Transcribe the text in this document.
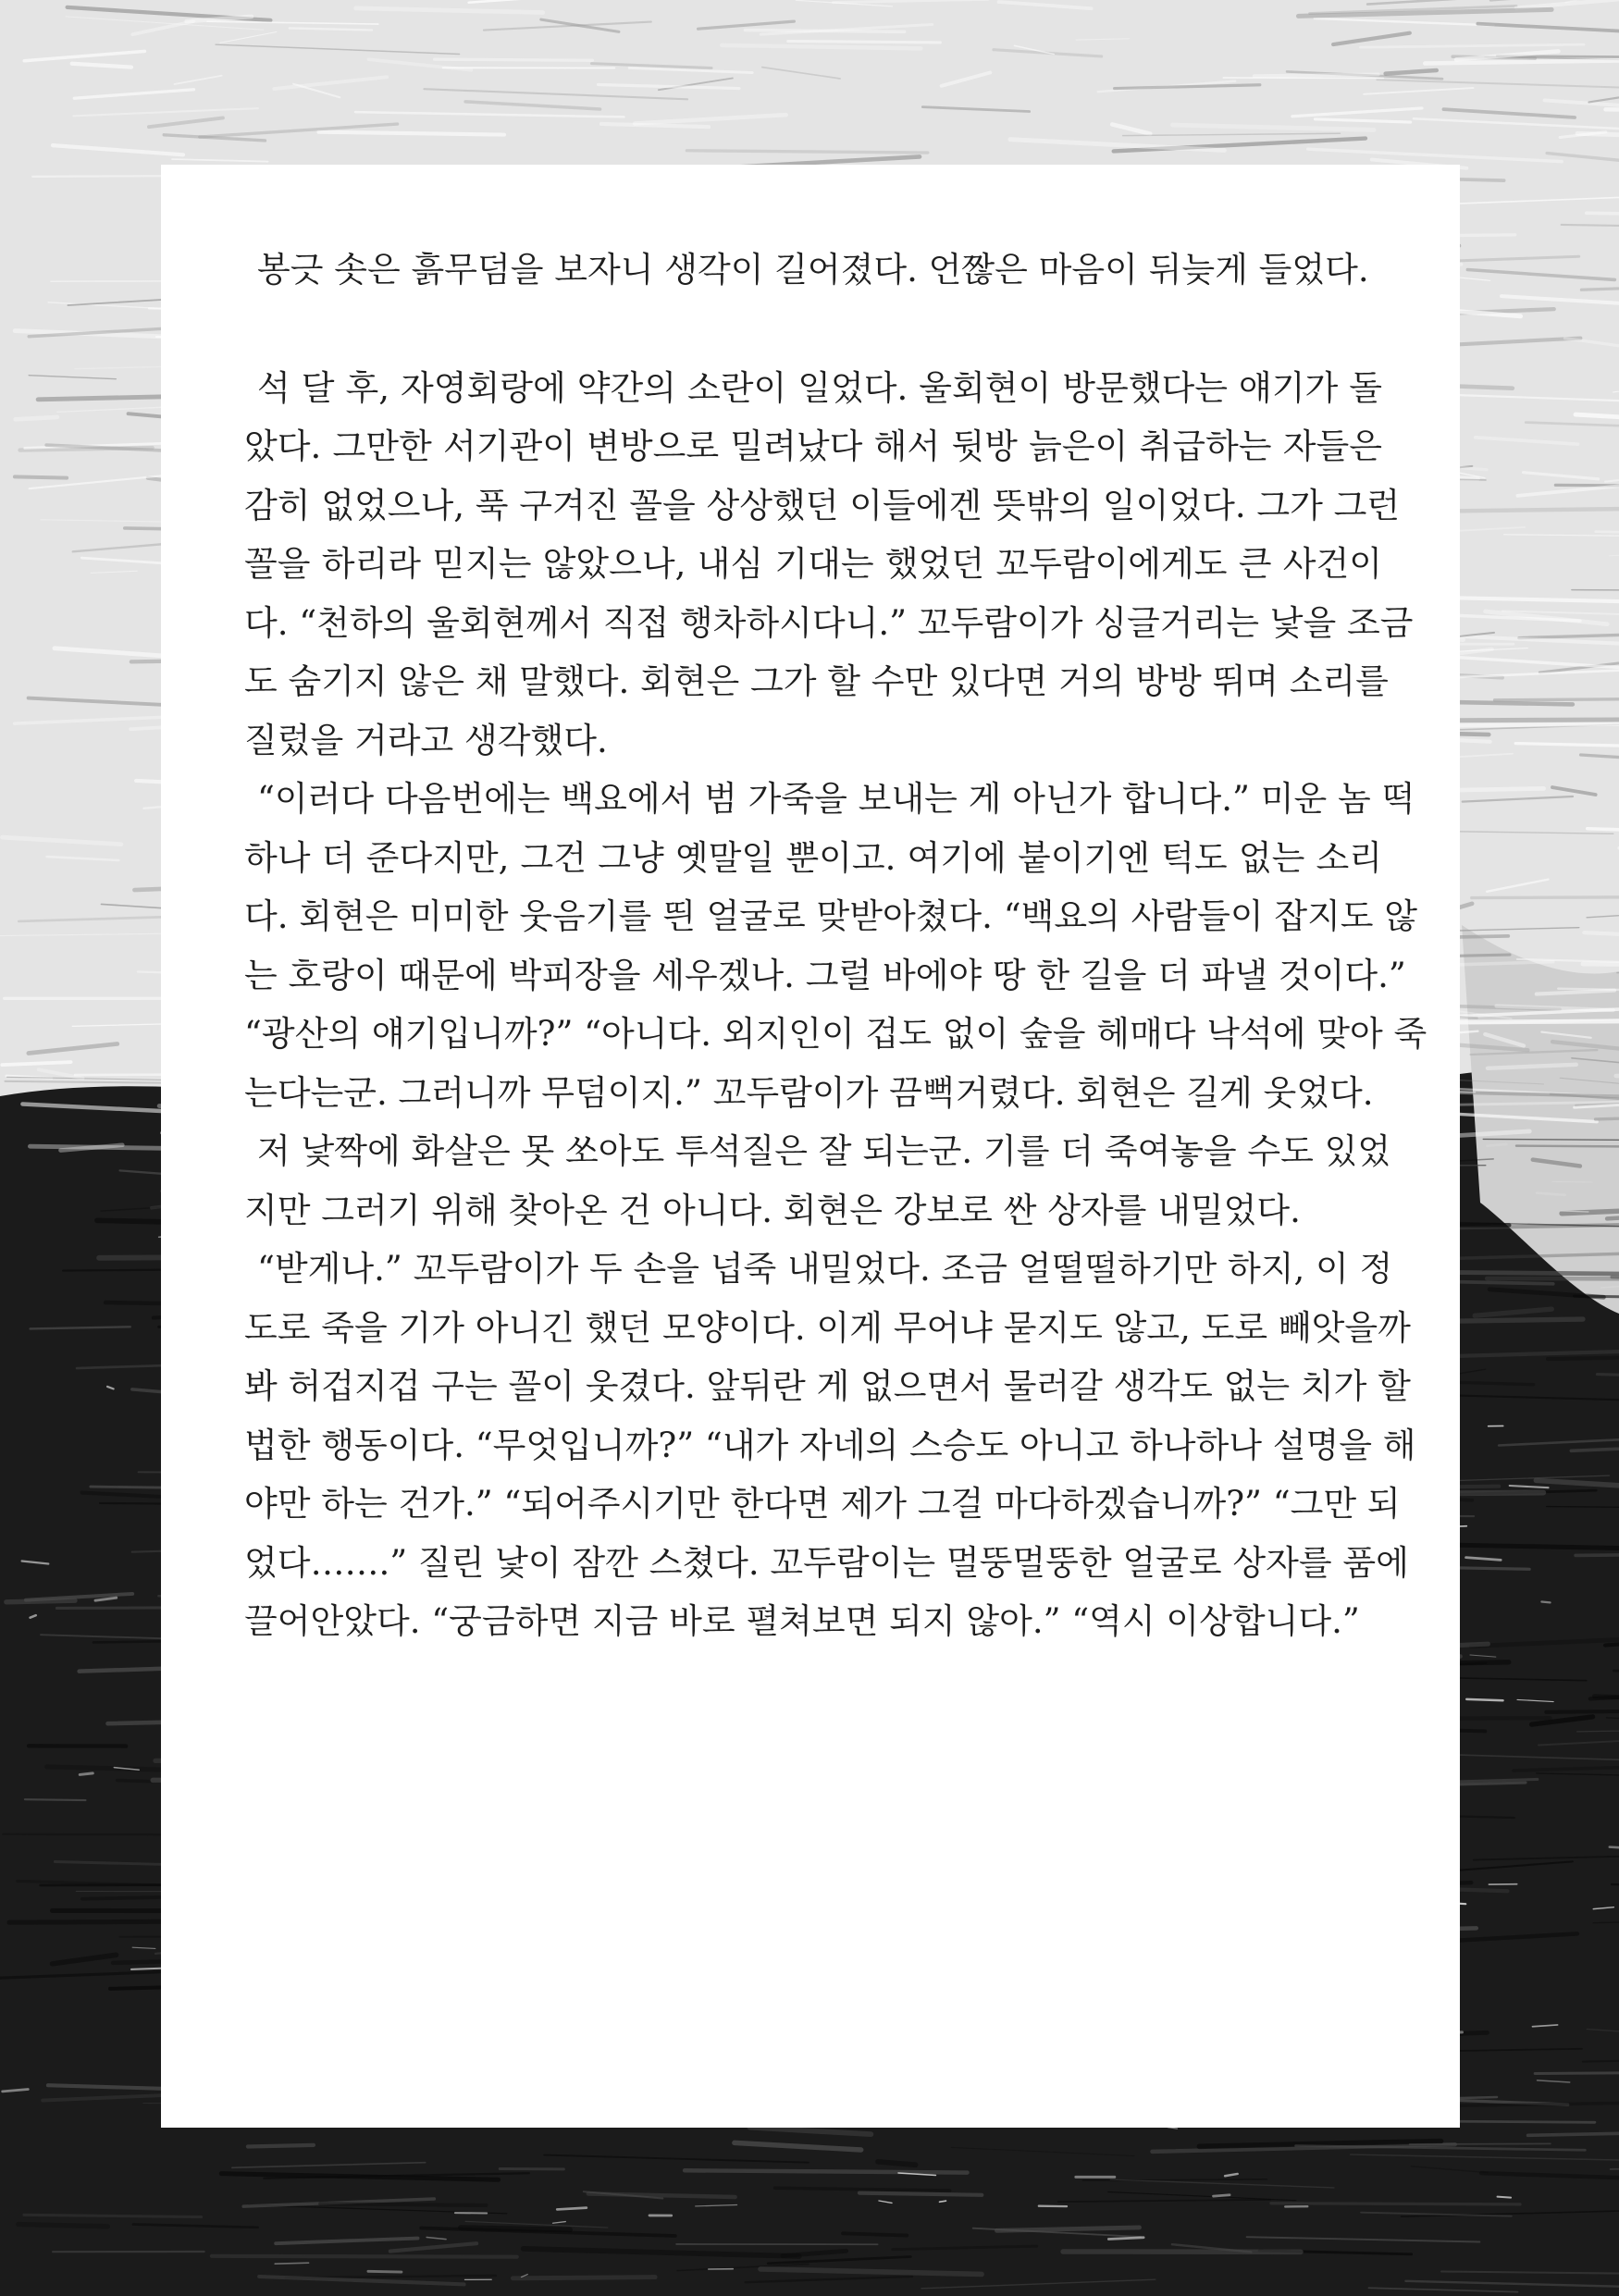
봉긋 솟은 흙무덤을 보자니 생각이 길어졌다. 언짢은 마음이 뒤늦게 들었다.
석 달 후, 자영회랑에 약간의 소란이 일었다. 울회현이 방문했다는 얘기가 돌
았다. 그만한 서기관이 변방으로 밀려났다 해서 뒷방 늙은이 취급하는 자들은
감히 없었으나, 푹 구겨진 꼴을 상상했던 이들에겐 뜻밖의 일이었다. 그가 그런
꼴을 하리라 믿지는 않았으나, 내심 기대는 했었던 꼬두람이에게도 큰 사건이
다. “천하의 울회현께서 직접 행차하시다니.” 꼬두람이가 싱글거리는 낯을 조금
도 숨기지 않은 채 말했다. 회현은 그가 할 수만 있다면 거의 방방 뛰며 소리를
질렀을 거라고 생각했다.
“이러다 다음번에는 백요에서 범 가죽을 보내는 게 아닌가 합니다.” 미운 놈 떡
하나 더 준다지만, 그건 그냥 옛말일 뿐이고. 여기에 붙이기엔 턱도 없는 소리
다. 회현은 미미한 웃음기를 띈 얼굴로 맞받아쳤다. “백요의 사람들이 잡지도 않
는 호랑이 때문에 박피장을 세우겠나. 그럴 바에야 땅 한 길을 더 파낼 것이다.”
“광산의 얘기입니까?” “아니다. 외지인이 겁도 없이 숲을 헤매다 낙석에 맞아 죽
는다는군. 그러니까 무덤이지.” 꼬두람이가 끔뻑거렸다. 회현은 길게 웃었다.
저 낯짝에 화살은 못 쏘아도 투석질은 잘 되는군. 기를 더 죽여놓을 수도 있었
지만 그러기 위해 찾아온 건 아니다. 회현은 강보로 싼 상자를 내밀었다.
“받게나.” 꼬두람이가 두 손을 넙죽 내밀었다. 조금 얼떨떨하기만 하지, 이 정
도로 죽을 기가 아니긴 했던 모양이다. 이게 무어냐 묻지도 않고, 도로 빼앗을까
봐 허겁지겁 구는 꼴이 웃겼다. 앞뒤란 게 없으면서 물러갈 생각도 없는 치가 할
법한 행동이다. “무엇입니까?” “내가 자네의 스승도 아니고 하나하나 설명을 해
야만 하는 건가.” “되어주시기만 한다면 제가 그걸 마다하겠습니까?” “그만 되
었다…….” 질린 낯이 잠깐 스쳤다. 꼬두람이는 멀뚱멀뚱한 얼굴로 상자를 품에
끌어안았다. “궁금하면 지금 바로 펼쳐보면 되지 않아.” “역시 이상합니다.”
